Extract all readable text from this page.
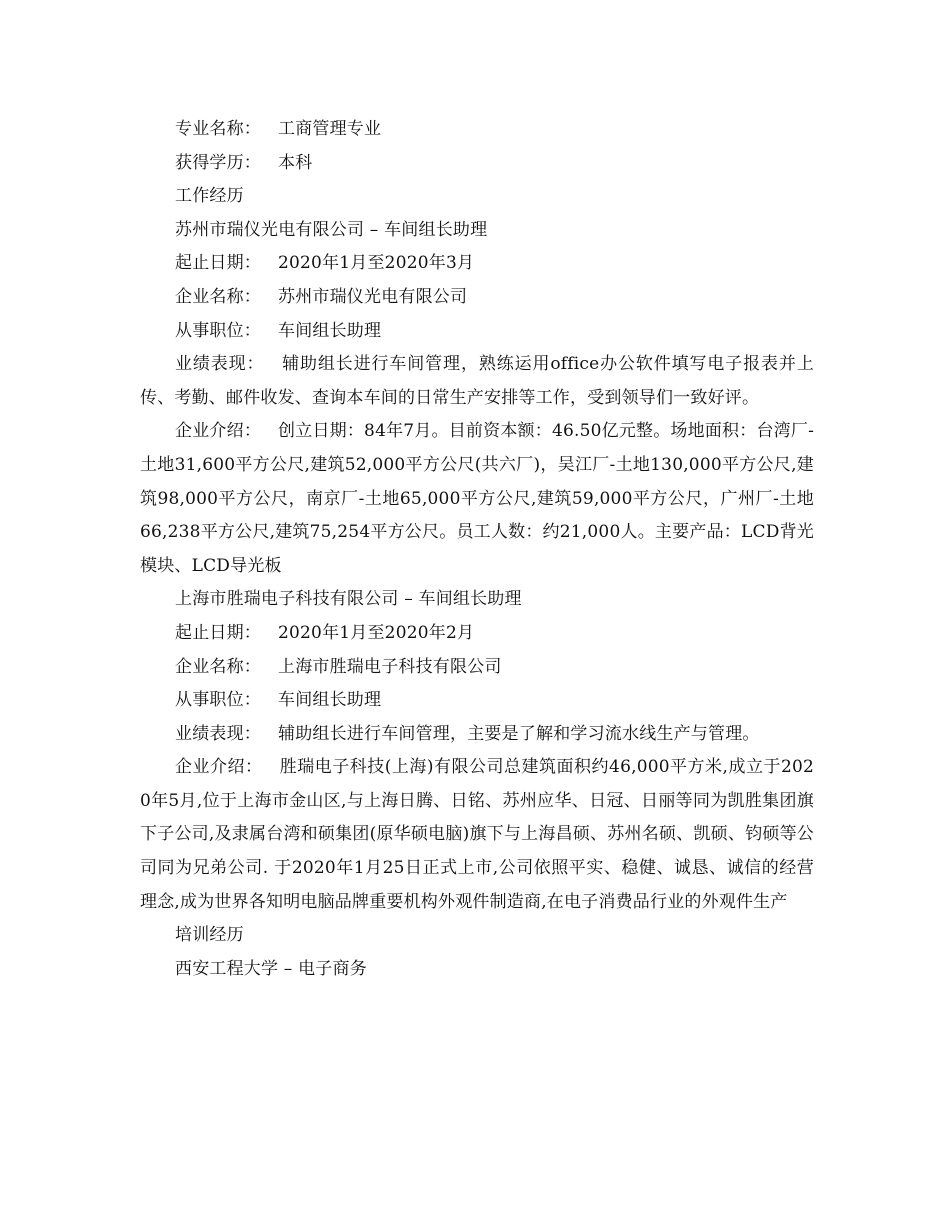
专业名称： 工商管理专业

获得学历： 本科

工作经历

苏州市瑞仪光电有限公司 – 车间组长助理

起止日期： 2020年1月至2020年3月

企业名称： 苏州市瑞仪光电有限公司

从事职位： 车间组长助理

业绩表现： 辅助组长进行车间管理，熟练运用office办公软件填写电子报表并上传、考勤、邮件收发、查询本车间的日常生产安排等工作，受到领导们一致好评。

企业介绍： 创立日期：84年7月。目前资本额：46.50亿元整。场地面积：台湾厂-土地31,600平方公尺,建筑52,000平方公尺(共六厂)，吴江厂-土地130,000平方公尺,建筑98,000平方公尺，南京厂-土地65,000平方公尺,建筑59,000平方公尺，广州厂-土地66,238平方公尺,建筑75,254平方公尺。员工人数：约21,000人。主要产品：LCD背光模块、LCD导光板

上海市胜瑞电子科技有限公司 – 车间组长助理

起止日期： 2020年1月至2020年2月

企业名称： 上海市胜瑞电子科技有限公司

从事职位： 车间组长助理

业绩表现： 辅助组长进行车间管理，主要是了解和学习流水线生产与管理。

企业介绍： 胜瑞电子科技(上海)有限公司总建筑面积约46,000平方米,成立于2020年5月,位于上海市金山区,与上海日腾、日铭、苏州应华、日冠、日丽等同为凯胜集团旗下子公司,及隶属台湾和硕集团(原华硕电脑)旗下与上海昌硕、苏州名硕、凯硕、钧硕等公司同为兄弟公司. 于2020年1月25日正式上市,公司依照平实、稳健、诚恳、诚信的经营理念,成为世界各知明电脑品牌重要机构外观件制造商,在电子消费品行业的外观件生产

培训经历

西安工程大学 – 电子商务
